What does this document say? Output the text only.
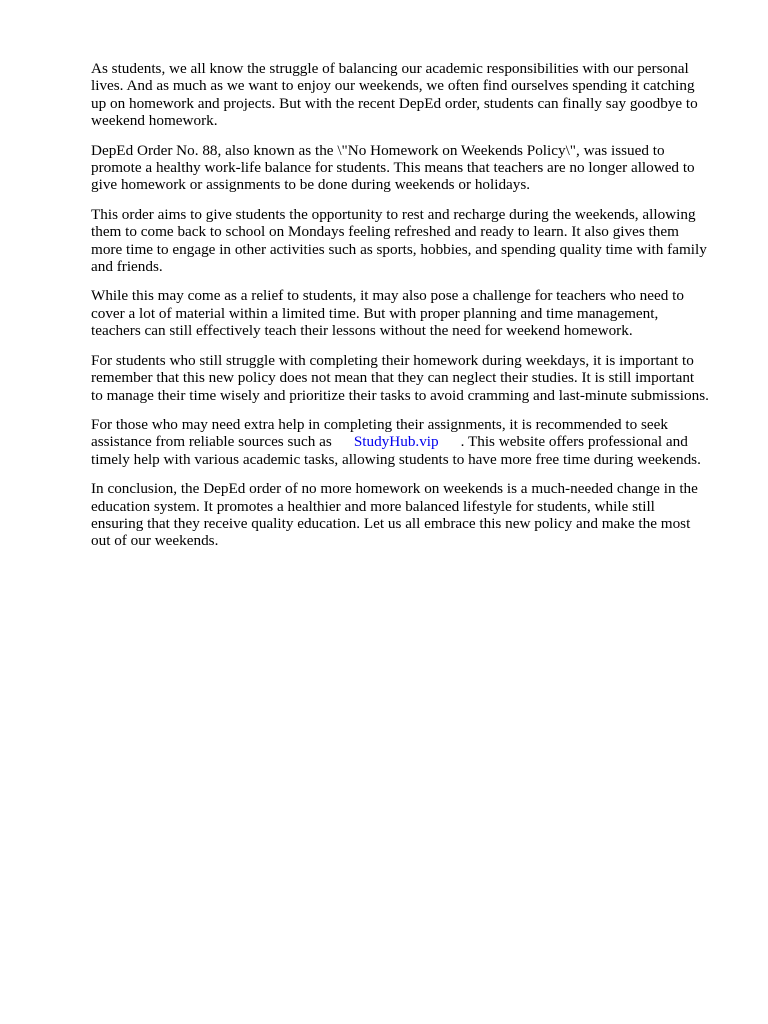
As students, we all know the struggle of balancing our academic responsibilities with our personal
lives. And as much as we want to enjoy our weekends, we often find ourselves spending it catching
up on homework and projects. But with the recent DepEd order, students can finally say goodbye to
weekend homework.

DepEd Order No. 88, also known as the \"No Homework on Weekends Policy\", was issued to
promote a healthy work-life balance for students. This means that teachers are no longer allowed to
give homework or assignments to be done during weekends or holidays.

This order aims to give students the opportunity to rest and recharge during the weekends, allowing
them to come back to school on Mondays feeling refreshed and ready to learn. It also gives them
more time to engage in other activities such as sports, hobbies, and spending quality time with family
and friends.

While this may come as a relief to students, it may also pose a challenge for teachers who need to
cover a lot of material within a limited time. But with proper planning and time management,
teachers can still effectively teach their lessons without the need for weekend homework.

For students who still struggle with completing their homework during weekdays, it is important to
remember that this new policy does not mean that they can neglect their studies. It is still important
to manage their time wisely and prioritize their tasks to avoid cramming and last-minute submissions.

For those who may need extra help in completing their assignments, it is recommended to seek
assistance from reliable sources such as StudyHub.vip . This website offers professional and
timely help with various academic tasks, allowing students to have more free time during weekends.

In conclusion, the DepEd order of no more homework on weekends is a much-needed change in the
education system. It promotes a healthier and more balanced lifestyle for students, while still
ensuring that they receive quality education. Let us all embrace this new policy and make the most
out of our weekends.
